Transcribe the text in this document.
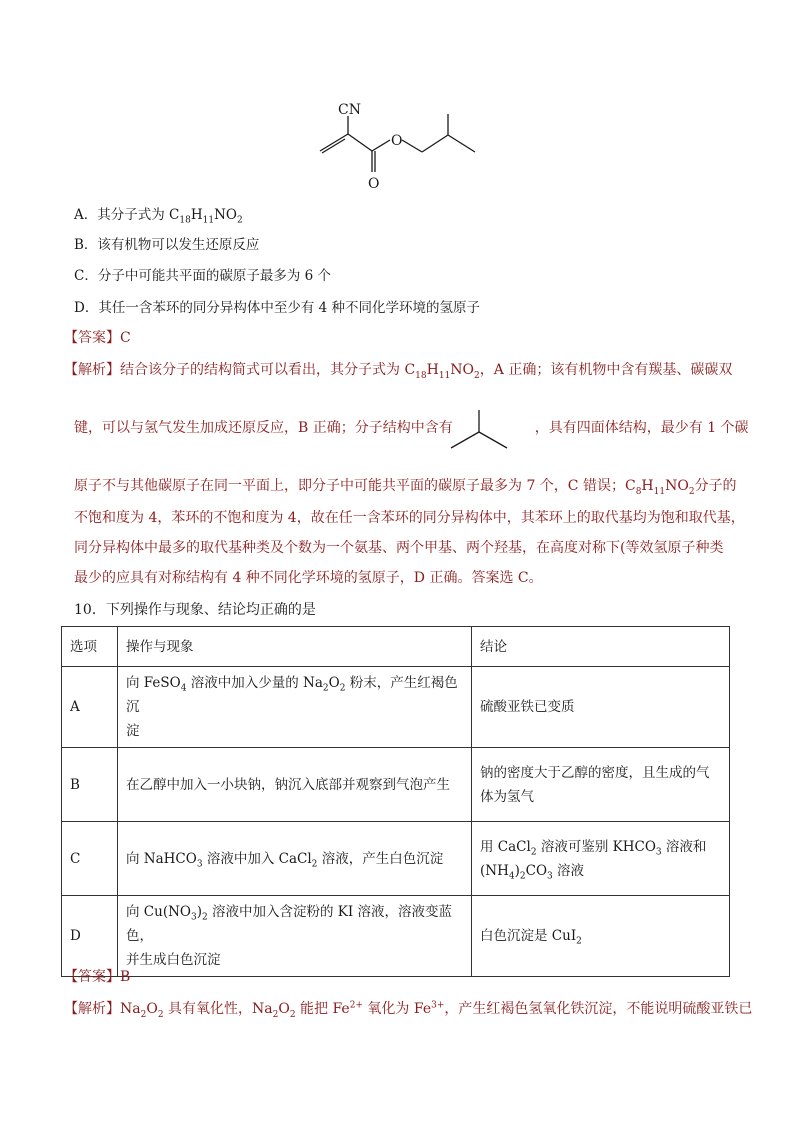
CN
O
O
A．其分子式为 $C_{18}H_{11}NO_2$
B．该有机物可以发生还原反应
C．分子中可能共平面的碳原子最多为 6 个
D．其任一含苯环的同分异构体中至少有 4 种不同化学环境的氢原子
【答案】C
【解析】结合该分子的结构简式可以看出，其分子式为 $C_{18}H_{11}NO_2$，A 正确；该有机物中含有羰基、碳碳双
键，可以与氢气发生加成还原反应，B 正确；分子结构中含有	，具有四面体结构，最少有 1 个碳
原子不与其他碳原子在同一平面上，即分子中可能共平面的碳原子最多为 7 个，C 错误；$C_8H_{11}NO_2$分子的
不饱和度为 4，苯环的不饱和度为 4，故在任一含苯环的同分异构体中，其苯环上的取代基均为饱和取代基，
同分异构体中最多的取代基种类及个数为一个氨基、两个甲基、两个羟基，在高度对称下(等效氢原子种类
最少的应具有对称结构有 4 种不同化学环境的氢原子，D 正确。答案选 C。
10．下列操作与现象、结论均正确的是
选项	操作与现象	结论
A	向 FeSO$_4$ 溶液中加入少量的 $Na_2O_2$ 粉末，产生红褐色沉
淀	硫酸亚铁已变质
B	在乙醇中加入一小块钠，钠沉入底部并观察到气泡产生	钠的密度大于乙醇的密度，且生成的气
体为氢气
C	向 NaHCO$_3$ 溶液中加入 CaCl$_2$ 溶液，产生白色沉淀	用 CaCl$_2$ 溶液可鉴别 $KHCO_3$ 溶液和
$(NH_4)_2CO_3$ 溶液
D	向 $Cu(NO_3)_2$ 溶液中加入含淀粉的 KI 溶液，溶液变蓝色，
并生成白色沉淀	白色沉淀是 CuI$_2$
【答案】B
【解析】$Na_2O_2$ 具有氧化性，$Na_2O_2$ 能把 $Fe^{2+}$ 氧化为 $Fe^{3+}$，产生红褐色氢氧化铁沉淀，不能说明硫酸亚铁已
